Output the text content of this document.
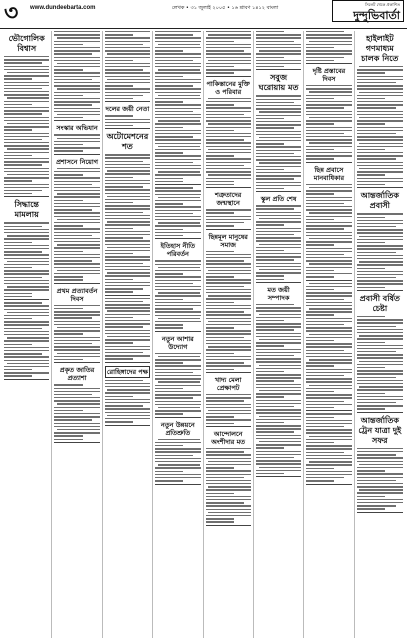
৩	www.dundeebarta.com	লেখক • ৩১ জুলাই ২০০৫ • ১৬ শ্রাবণ ১৪১২ বাংলা
সিলেট থেকে প্রকাশিত
দুন্দুভিবার্তা
ভৌগোলিক বিশ্বাস
সিদ্ধান্তে মামলায়
সংস্কার অভিযান
প্রশাসনে নিয়োগ
প্রথম প্রত্যাবর্তন দিবস
প্রকৃত জাতির প্রত্যাশা
দলের জয়ী নেতা
অটোমেশনের শত
রোহিঙ্গাদের পক্ষ
ইতিহাস নীতি পরিবর্তন
নতুন আশার উদ্যোগ
নতুন উন্নয়নে প্রতিশ্রুতি
পাকিস্তানের মুক্তি ও পরিবার
শত্রুতাদের জন্মস্থানে
ছিন্নমূল মানুষের সমাজ
খাদ্য মেলা প্রেক্ষাপট
আন্দোলনে অংশীদার মত
সবুজ ঘরোয়ায় মত
স্কুল প্রতি শেষ
মত জয়ী সম্পাদক
দৃষ্টি প্রস্তাবের দিবস
ছিন্ন প্রবাসে মানবাধিকার
হাইলাইট গণমাধ্যম চালক নিতে
আন্তর্জাতিক প্রবাসী
প্রবাসী বর্ষিত চেষ্টা
আন্তর্জাতিক ট্রেন যাত্রা দুই সফর
